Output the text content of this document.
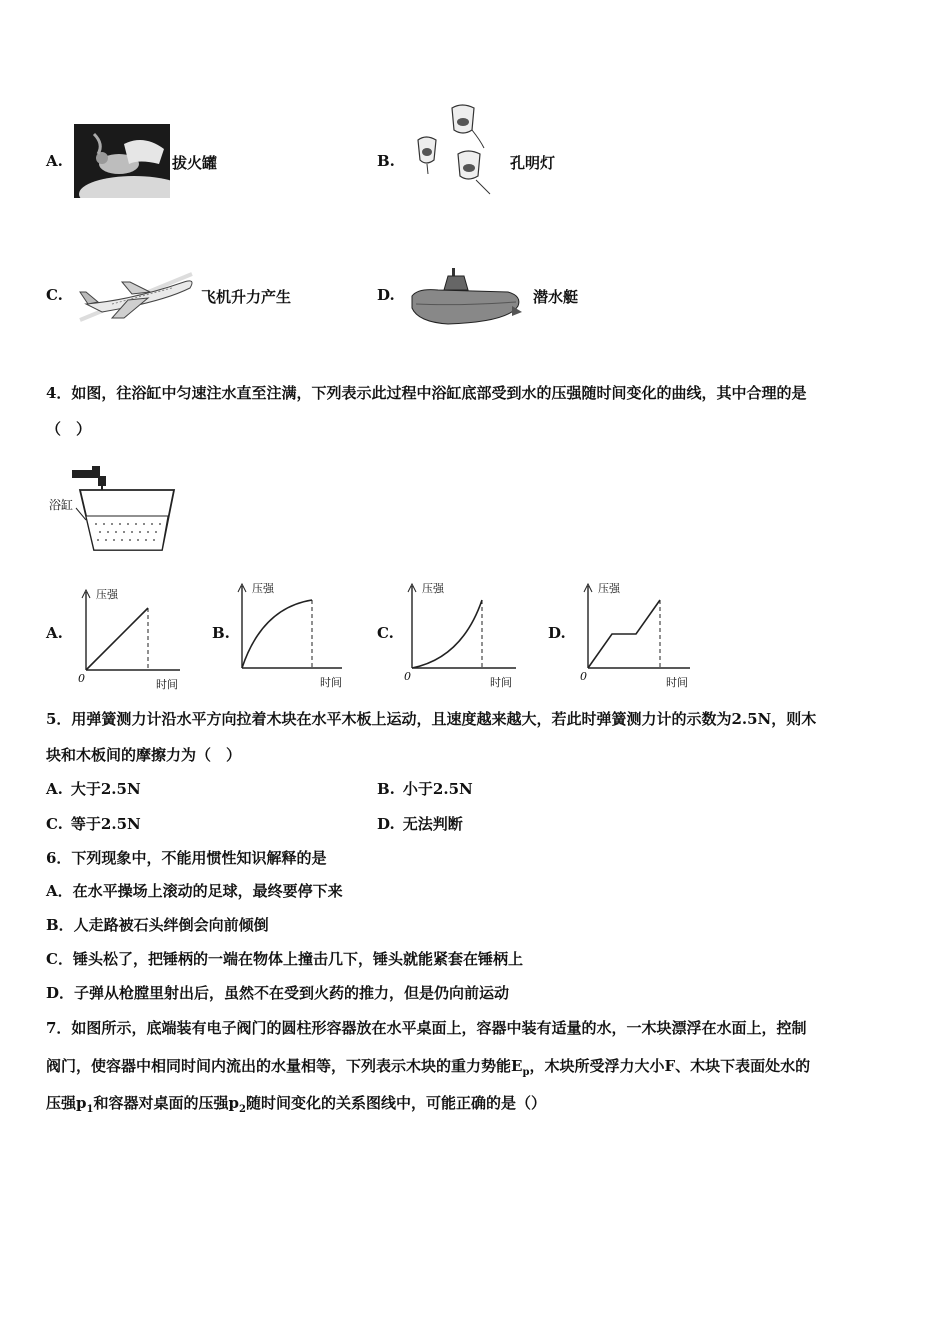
A.	拔火罐	B.	孔明灯
C.	飞机升力产生	D.	潜水艇
4．如图，往浴缸中匀速注水直至注满，下列表示此过程中浴缸底部受到水的压强随时间变化的曲线，其中合理的是
（　）
浴缸
A.	B.	C.	D.
压强
时间
0
压强
时间
压强
时间
0
压强
时间
0
5．用弹簧测力计沿水平方向拉着木块在水平木板上运动，且速度越来越大，若此时弹簧测力计的示数为2.5N，则木
块和木板间的摩擦力为（　）
A. 大于2.5N	B. 小于2.5N
C. 等于2.5N	D. 无法判断
6．下列现象中，不能用惯性知识解释的是
A．在水平操场上滚动的足球，最终要停下来
B．人走路被石头绊倒会向前倾倒
C．锤头松了，把锤柄的一端在物体上撞击几下，锤头就能紧套在锤柄上
D．子弹从枪膛里射出后，虽然不在受到火药的推力，但是仍向前运动
7．如图所示，底端装有电子阀门的圆柱形容器放在水平桌面上，容器中装有适量的水，一木块漂浮在水面上，控制
阀门，使容器中相同时间内流出的水量相等，下列表示木块的重力势能$E_p$，木块所受浮力大小F、木块下表面处水的
压强$p_1$和容器对桌面的压强$p_2$随时间变化的关系图线中，可能正确的是（）
